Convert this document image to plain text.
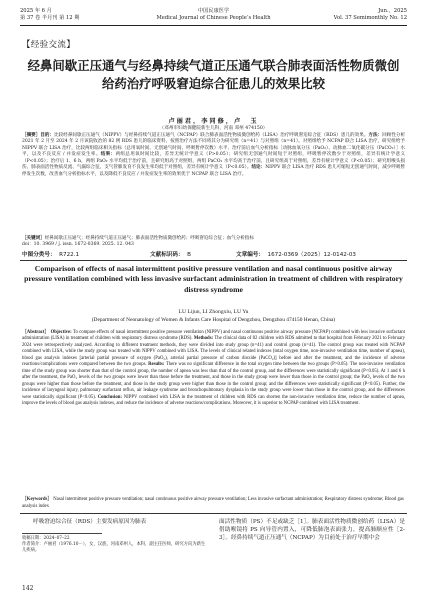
2025 年 6 月
第 37 卷 半月刊 第 12 期
中国民康医学
Medical Journal of Chinese People’s Health
Jun.，2025
Vol. 37 Semimonthly No. 12
【经验交流】
经鼻间歇正压通气与经鼻持续气道正压通气联合肺表面活性物质微创给药治疗呼吸窘迫综合征患儿的效果比较
卢丽君，李同修，卢　玉
（邓州市妇幼保健院新生儿科，河南 邓州 474150）
［摘要］目的：比较经鼻间歇正压通气（NIPPV）与经鼻持续气道正压通气（NCPAP）联合肺表面活性物质微创给药（LISA）治疗呼吸窘迫综合征（RDS）患儿的效果。方法：回顾性分析 2021 年 2 月至 2024 年 2 月该院收治的 82 例 RDS 患儿的临床资料，按照治疗方法不同将其分为研究组（n=41）与对照组（n=41）。对照组给予 NCPAP 联合 LISA 治疗，研究组给予 NIPPV 联合 LISA 治疗，比较两组临床相关指标（总用氧时间、无创通气时间、呼吸暂停次数）水平、治疗前后血气分析指标［动脉血氧分压（PaO₂）、动脉血二氧化碳分压（PaCO₂）］水平，以及不良反应 / 并发症发生率。结果：两组总用氧时间比较，差异无统计学意义（P>0.05）；研究组无创通气时间短于对照组，呼吸暂停次数少于对照组，差异有统计学意义（P<0.05）；治疗后 1、6 h，两组 PaO₂ 水平均低于治疗前，且研究组高于对照组，两组 PaCO₂ 水平均高于治疗前，且研究组高于对照组，差异有统计学意义（P<0.05）；研究组喉头损伤、肺表面活性物质反流、气漏综合征、支气管肺发育不良发生率均低于对照组，差异有统计学意义（P<0.05）。结论：NIPPV 联合 LISA 治疗 RDS 患儿可缩短无创通气时间，减少呼吸暂停发生次数，改善血气分析指标水平，以及降低不良反应 / 并发症发生率的效果优于 NCPAP 联合 LISA 治疗。
［关键词］经鼻间歇正压通气；经鼻持续气道正压通气；肺表面活性物质微创给药；呼吸窘迫综合征；血气分析指标
doi：10. 3969 / j. issn. 1672-0369. 2025. 12. 043
中图分类号： R722.1	文献标识码： B	文章编号： 1672-0369（2025）12-0142-03
Comparison of effects of nasal intermittent positive pressure ventilation and nasal continuous positive airway pressure ventilation combined with less invasive surfactant administration in treatment of children with respiratory distress syndrome
LU Lijun, LI Zhongxiu, LU Yu
(Department of Neonatology of Women & Infants Care Hospital of Dengzhou, Dengzhou 474150 Henan, China)
［Abstract］ Objective: To compare effects of nasal intermittent positive pressure ventilation (NIPPV) and nasal continuous positive airway pressure (NCPAP) combined with less invasive surfactant administration (LISA) in treatment of children with respiratory distress syndrome (RDS). Methods: The clinical data of 82 children with RDS admitted to that hospital from February 2021 to February 2024 were retrospectively analyzed. According to different treatment methods, they were divided into study group (n=41) and control group (n=41). The control group was treated with NCPAP combined with LISA, while the study group was treated with NIPPV combined with LISA. The levels of clinical related indexes (total oxygen time, non-invasive ventilation time, number of apnea), blood gas analysis indexes [arterial partial pressure of oxygen (PaO₂), arterial partial pressure of carbon dioxide (PaCO₂)] before and after the treatment, and the incidence of adverse reactions/complications were compared between the two groups. Results: There was no significant difference in the total oxygen time between the two groups (P>0.05). The non-invasive ventilation time of the study group was shorter than that of the control group, the number of apnea was less than that of the control group, and the differences were statistically significant (P<0.05). At 1 and 6 h after the treatment, the PaO₂ levels of the two groups were lower than those before the treatment, and those in the study group were lower than those in the control group; the PaO₂ levels of the two groups were higher than those before the treatment, and those in the study group were higher than those in the control group; and the differences were statistically significant (P<0.05). Further, the incidence of laryngeal injury, pulmonary surfactant reflux, air leakage syndrome and bronchopulmonary dysplasia in the study group were lower than those in the control group, and the differences were statistically significant (P<0.05). Conclusion: NIPPV combined with LISA in the treatment of children with RDS can shorten the non-invasive ventilation time, reduce the number of apnea, improve the levels of blood gas analysis indexes, and reduce the incidence of adverse reactions/complications. Moreover, it is superior to NCPAP combined with LISA treatment.
［Keywords］ Nasal intermittent positive pressure ventilation; nasal continuous positive airway pressure ventilation; Less invasive surfactant administration; Respiratory distress syndrome; Blood gas analysis index
呼吸窘迫综合征（RDS）主要发病原因为肺表	面活性物质（PS）不足或缺乏［1］。肺表面活性物质微创给药（LISA）是借助喉镜将 PS 向导管内置入，可降低肺泡表面张力，提高肺顺应性［2-3］。经鼻持续气道正压通气（NCPAP）为目前处于治疗早期中会
收稿日期：2024–07–22
作者简介：卢丽君（1976.10－），女，汉族，河南邓州人，本科，副主任医师，研究方向为新生儿疾病。
142
